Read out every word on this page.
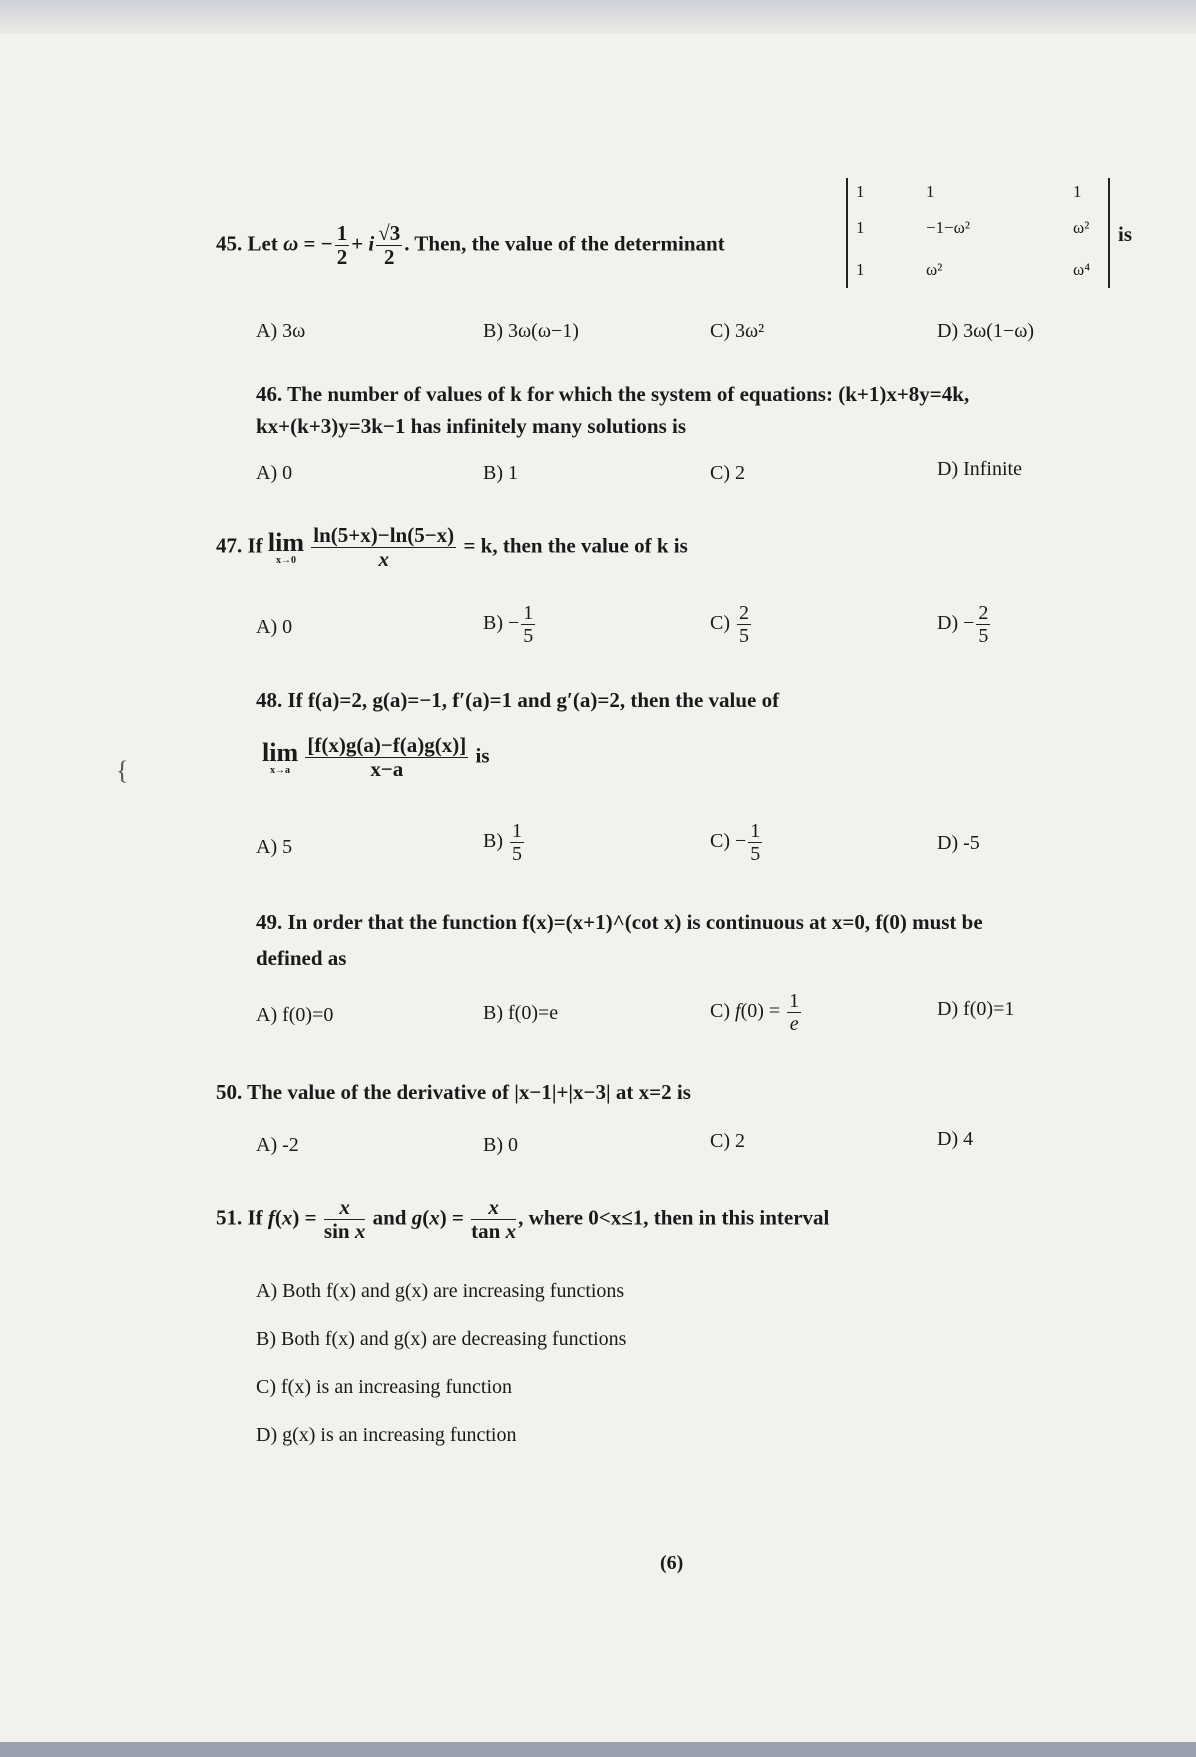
45. Let ω = − $\frac{1}{2} + i \frac{√3}{2}$ . Then, the value of the determinant
1	1	1
1	−1−ω²	ω²
1	ω²	ω⁴
is
A) 3ω	B) 3ω(ω−1)	C) 3ω²	D) 3ω(1−ω)
46. The number of values of k for which the system of equations: (k+1)x+8y=4k,
kx+(k+3)y=3k−1 has infinitely many solutions is
A) 0	B) 1	C) 2	D) Infinite
47. If lim
x→0
$\frac{\ln(5+x)-\ln(5-x)}{x} = k$, then the value of k is
A) 0	$B) - \frac{1}{5}$	$C) \frac{2}{5}$	$D) - \frac{2}{5}$
48. If f(a)=2, g(a)=−1, f′(a)=1 and g′(a)=2, then the value of
lim
x→a
$\frac{[f(x)g(a)-f(a)g(x)]}{x-a}$ is
A) 5	$B) \frac{1}{5}$	$C) - \frac{1}{5}$	D) -5
{
49. In order that the function f(x)=(x+1)^(cot x) is continuous at x=0, f(0) must be
defined as
A) f(0)=0	B) f(0)=e	C) $f(0) = \frac{1}{e}$	D) f(0)=1
50. The value of the derivative of |x−1|+|x−3| at x=2 is
A) -2	B) 0	C) 2	D) 4
51. If $f(x) = \frac{x}{\text{sin x}}$ and $g(x) = \frac{x}{\text{tan x}}$ , where 0<x≤1, then in this interval
A) Both f(x) and g(x) are increasing functions
B) Both f(x) and g(x) are decreasing functions
C) f(x) is an increasing function
D) g(x) is an increasing function
(6)
